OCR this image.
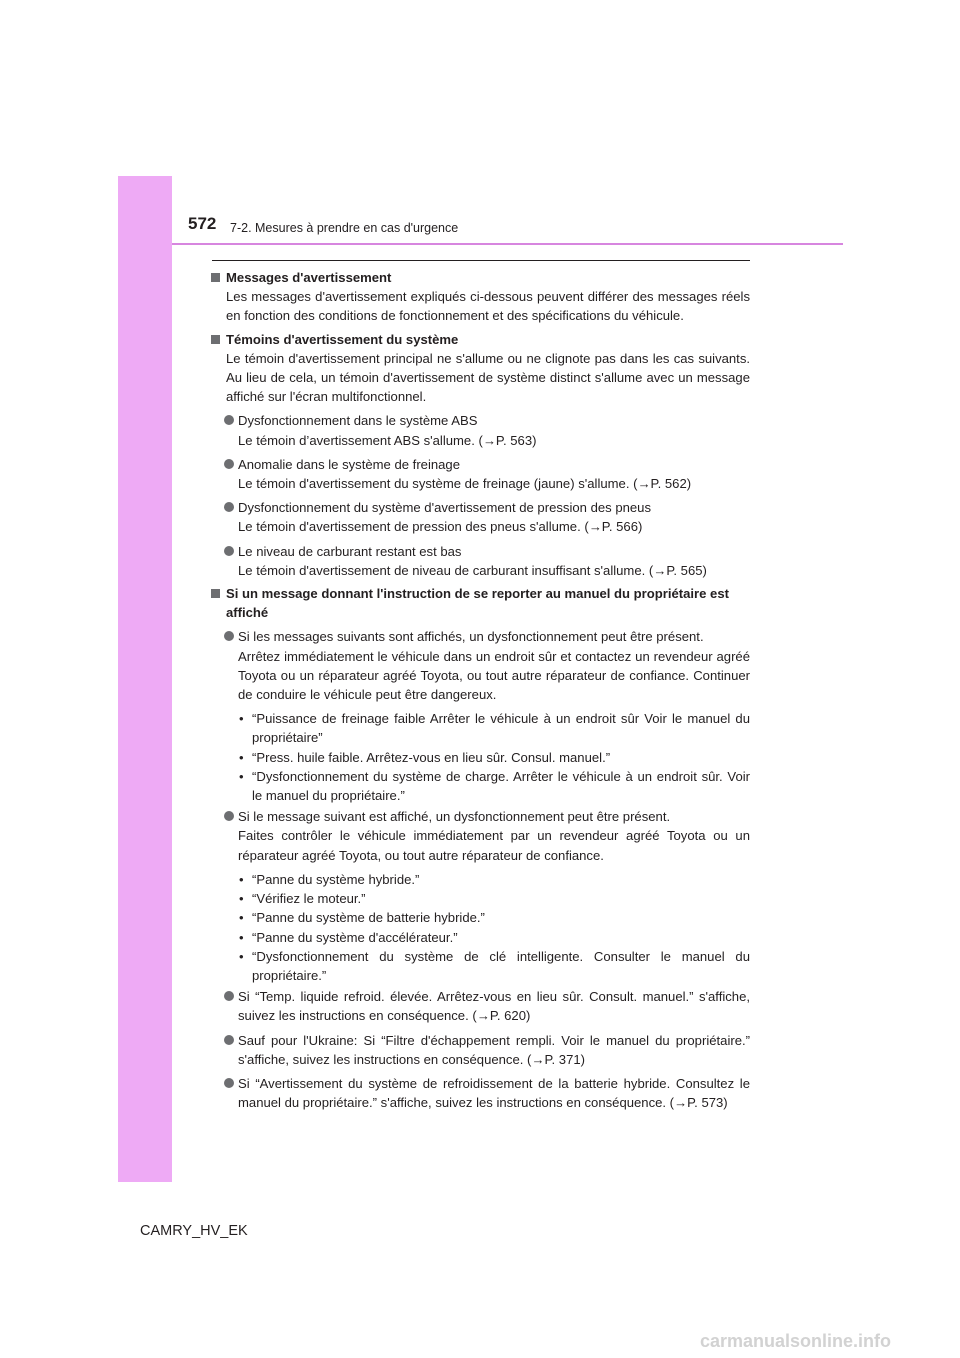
572 7-2. Mesures à prendre en cas d'urgence
Messages d'avertissement
Les messages d'avertissement expliqués ci-dessous peuvent différer des messages réels en fonction des conditions de fonctionnement et des spécifications du véhicule.
Témoins d'avertissement du système
Le témoin d'avertissement principal ne s'allume ou ne clignote pas dans les cas suivants. Au lieu de cela, un témoin d'avertissement de système distinct s'allume avec un message affiché sur l'écran multifonctionnel.
Dysfonctionnement dans le système ABS
Le témoin d’avertissement ABS s'allume. (→P. 563)
Anomalie dans le système de freinage
Le témoin d'avertissement du système de freinage (jaune) s'allume. (→P. 562)
Dysfonctionnement du système d'avertissement de pression des pneus
Le témoin d'avertissement de pression des pneus s'allume. (→P. 566)
Le niveau de carburant restant est bas
Le témoin d'avertissement de niveau de carburant insuffisant s'allume. (→P. 565)
Si un message donnant l'instruction de se reporter au manuel du propriétaire est affiché
Si les messages suivants sont affichés, un dysfonctionnement peut être présent.
Arrêtez immédiatement le véhicule dans un endroit sûr et contactez un revendeur agréé Toyota ou un réparateur agréé Toyota, ou tout autre réparateur de confiance. Continuer de conduire le véhicule peut être dangereux.
• “Puissance de freinage faible Arrêter le véhicule à un endroit sûr Voir le manuel du propriétaire”
• “Press. huile faible. Arrêtez-vous en lieu sûr. Consul. manuel.”
• “Dysfonctionnement du système de charge. Arrêter le véhicule à un endroit sûr. Voir le manuel du propriétaire.”
Si le message suivant est affiché, un dysfonctionnement peut être présent.
Faites contrôler le véhicule immédiatement par un revendeur agréé Toyota ou un réparateur agréé Toyota, ou tout autre réparateur de confiance.
• “Panne du système hybride.”
• “Vérifiez le moteur.”
• “Panne du système de batterie hybride.”
• “Panne du système d'accélérateur.”
• “Dysfonctionnement du système de clé intelligente. Consulter le manuel du propriétaire.”
Si “Temp. liquide refroid. élevée. Arrêtez-vous en lieu sûr. Consult. manuel.” s'affiche, suivez les instructions en conséquence. (→P. 620)
Sauf pour l'Ukraine: Si “Filtre d'échappement rempli. Voir le manuel du propriétaire.” s'affiche, suivez les instructions en conséquence. (→P. 371)
Si “Avertissement du système de refroidissement de la batterie hybride. Consultez le manuel du propriétaire.” s'affiche, suivez les instructions en conséquence. (→P. 573)
CAMRY_HV_EK
carmanualsonline.info
